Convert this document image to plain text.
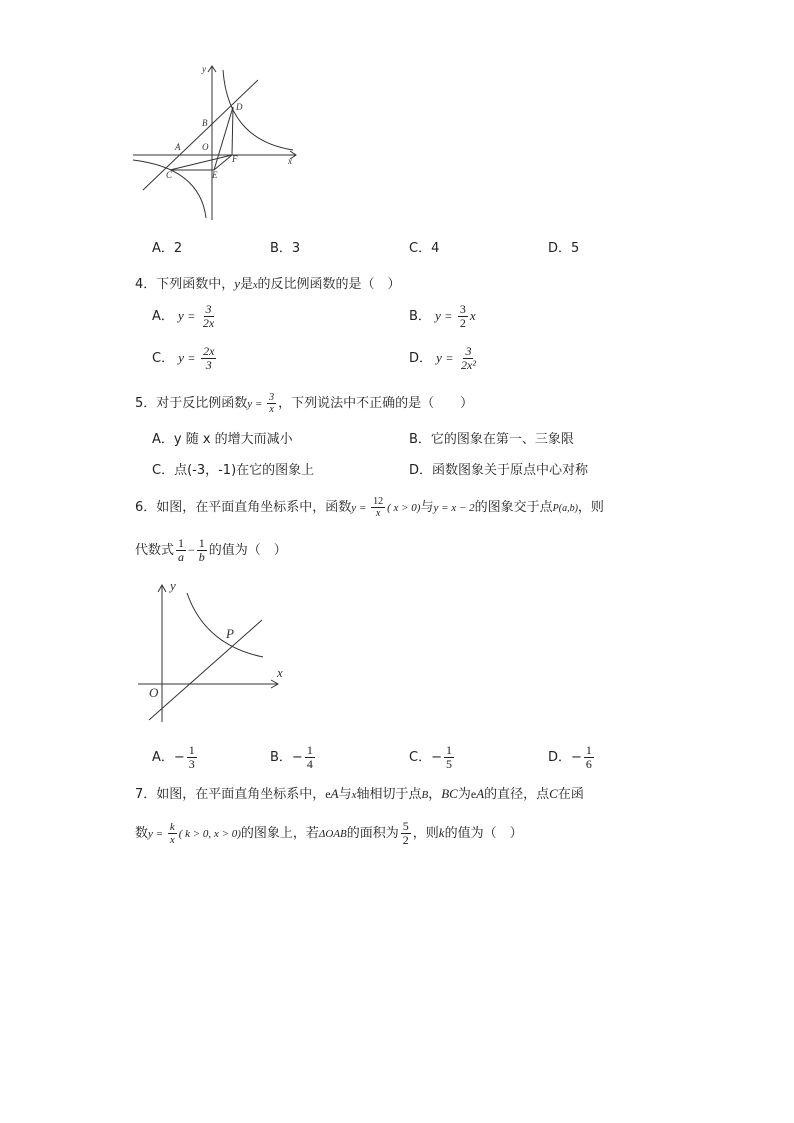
y
x
B
D
A O
F
C	E
A．2	B．3	C．4	D．5
4．下列函数中，y是x的反比例函数的是（　）
A． $y = \frac{3}{2x}$	B． $y = \frac{3}{2}$ x
C． $y = \frac{2x}{3}$	D． $y = \frac{3}{\text{2x²}}$
5．对于反比例函数$y = \frac{3}{x}$ ，下列说法中不正确的是（　　）
A．y 随 x 的增大而减小	B．它的图象在第一、三象限
C．点(-3，-1)在它的图象上	D．函数图象关于原点中心对称
6．如图，在平面直角坐标系中，函数$y = \frac{12}{x}$ ( x > 0)与y = x − 2的图象交于点P(a,b)，则
代数式 $\frac{1}{a} - \frac{1}{b}$ 的值为（　）
y
x
O
P
A．− $\frac{1}{3}$	B．− $\frac{1}{4}$	C．− $\frac{1}{5}$	D．− $\frac{1}{6}$
7．如图，在平面直角坐标系中，eA与x轴相切于点B，BC为eA的直径，点C在函
数$y = \frac{k}{x}$ ( k > 0, x > 0)的图象上，若ΔOAB的面积为 $\frac{5}{2}$ ，则k的值为（　）
